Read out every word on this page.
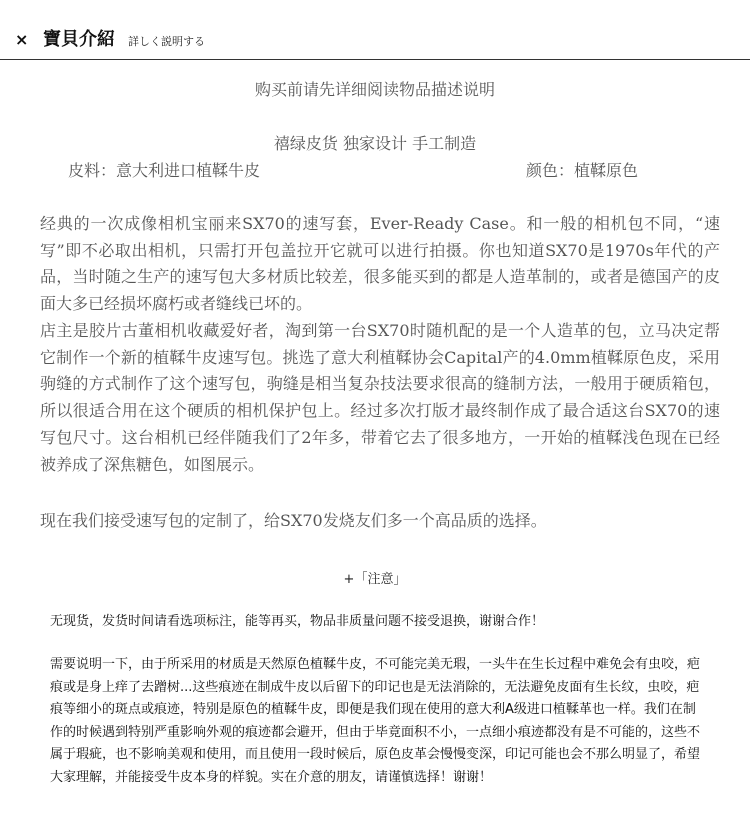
× 寶貝介紹 詳しく説明する
购买前请先详细阅读物品描述说明
禧绿皮货 独家设计 手工制造
皮料：意大利进口植鞣牛皮	颜色：植鞣原色

经典的一次成像相机宝丽来SX70的速写套，Ever-Ready Case。和一般的相机包不同，“速写”即不必取出相机，只需打开包盖拉开它就可以进行拍摄。你也知道SX70是1970s年代的产品，当时随之生产的速写包大多材质比较差，很多能买到的都是人造革制的，或者是德国产的皮面大多已经损坏腐朽或者缝线已坏的。

店主是胶片古董相机收藏爱好者，淘到第一台SX70时随机配的是一个人造革的包，立马决定帮它制作一个新的植鞣牛皮速写包。挑选了意大利植鞣协会Capital产的4.0mm植鞣原色皮，采用驹缝的方式制作了这个速写包，驹缝是相当复杂技法要求很高的缝制方法，一般用于硬质箱包，所以很适合用在这个硬质的相机保护包上。经过多次打版才最终制作成了最合适这台SX70的速写包尺寸。这台相机已经伴随我们了2年多，带着它去了很多地方，一开始的植鞣浅色现在已经被养成了深焦糖色，如图展示。

现在我们接受速写包的定制了，给SX70发烧友们多一个高品质的选择。

+「注意」

无现货，发货时间请看选项标注，能等再买，物品非质量问题不接受退换，谢谢合作！

需要说明一下，由于所采用的材质是天然原色植鞣牛皮，不可能完美无瑕，一头牛在生长过程中难免会有虫咬，疤痕或是身上痒了去蹭树...这些痕迹在制成牛皮以后留下的印记也是无法消除的，无法避免皮面有生长纹，虫咬，疤痕等细小的斑点或痕迹，特别是原色的植鞣牛皮，即便是我们现在使用的意大利A级进口植鞣革也一样。我们在制作的时候遇到特别严重影响外观的痕迹都会避开，但由于毕竟面积不小，一点细小痕迹都没有是不可能的，这些不属于瑕疵，也不影响美观和使用，而且使用一段时候后，原色皮革会慢慢变深，印记可能也会不那么明显了，希望大家理解，并能接受牛皮本身的样貌。实在介意的朋友，请谨慎选择！谢谢！
